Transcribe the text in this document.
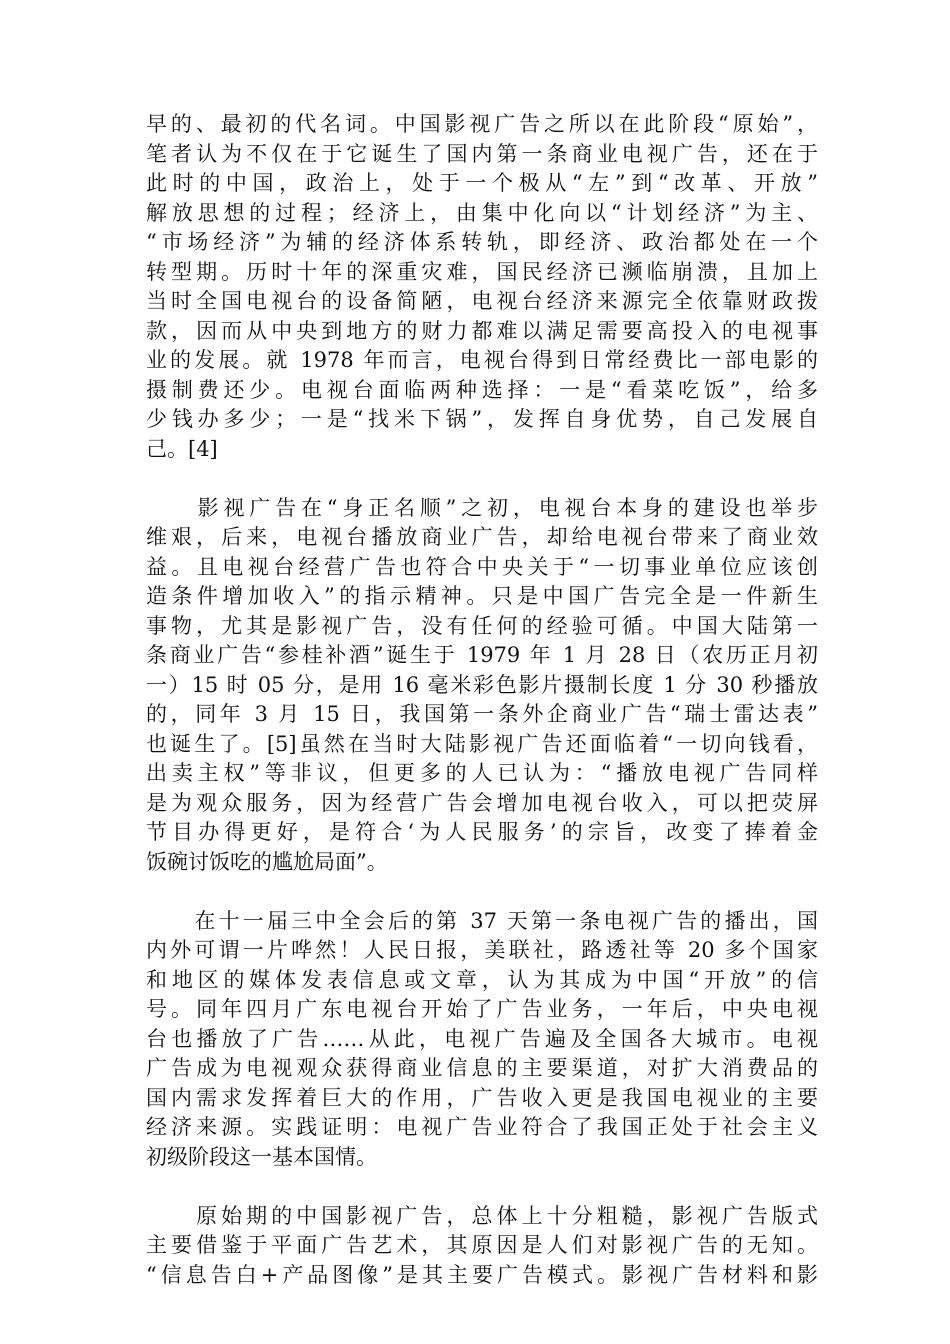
早的、最初的代名词。中国影视广告之所以在此阶段“原始”，
笔者认为不仅在于它诞生了国内第一条商业电视广告，还在于
此时的中国，政治上，处于一个极从“左”到“改革、开放”
解放思想的过程；经济上，由集中化向以“计划经济”为主、
“市场经济”为辅的经济体系转轨，即经济、政治都处在一个
转型期。历时十年的深重灾难，国民经济已濒临崩溃，且加上
当时全国电视台的设备简陋，电视台经济来源完全依靠财政拨
款，因而从中央到地方的财力都难以满足需要高投入的电视事
业的发展。就 1978 年而言，电视台得到日常经费比一部电影的
摄制费还少。电视台面临两种选择：一是“看菜吃饭”，给多
少钱办多少；一是“找米下锅”，发挥自身优势，自己发展自
己。[4]
　　影视广告在“身正名顺”之初，电视台本身的建设也举步
维艰，后来，电视台播放商业广告，却给电视台带来了商业效
益。且电视台经营广告也符合中央关于“一切事业单位应该创
造条件增加收入”的指示精神。只是中国广告完全是一件新生
事物，尤其是影视广告，没有任何的经验可循。中国大陆第一
条商业广告“参桂补酒”诞生于 1979 年 1 月 28 日（农历正月初
一）15 时 05 分，是用 16 毫米彩色影片摄制长度 1 分 30 秒播放
的，同年 3 月 15 日，我国第一条外企商业广告“瑞士雷达表”
也诞生了。[5]虽然在当时大陆影视广告还面临着“一切向钱看，
出卖主权”等非议，但更多的人已认为：“播放电视广告同样
是为观众服务，因为经营广告会增加电视台收入，可以把荧屏
节目办得更好，是符合‘为人民服务’的宗旨，改变了捧着金
饭碗讨饭吃的尴尬局面”。
　　在十一届三中全会后的第 37 天第一条电视广告的播出，国
内外可谓一片哗然！人民日报，美联社，路透社等 20 多个国家
和地区的媒体发表信息或文章，认为其成为中国“开放”的信
号。同年四月广东电视台开始了广告业务，一年后，中央电视
台也播放了广告……从此，电视广告遍及全国各大城市。电视
广告成为电视观众获得商业信息的主要渠道，对扩大消费品的
国内需求发挥着巨大的作用，广告收入更是我国电视业的主要
经济来源。实践证明：电视广告业符合了我国正处于社会主义
初级阶段这一基本国情。
　　原始期的中国影视广告，总体上十分粗糙，影视广告版式
主要借鉴于平面广告艺术，其原因是人们对影视广告的无知。
“信息告白+产品图像”是其主要广告模式。影视广告材料和影
